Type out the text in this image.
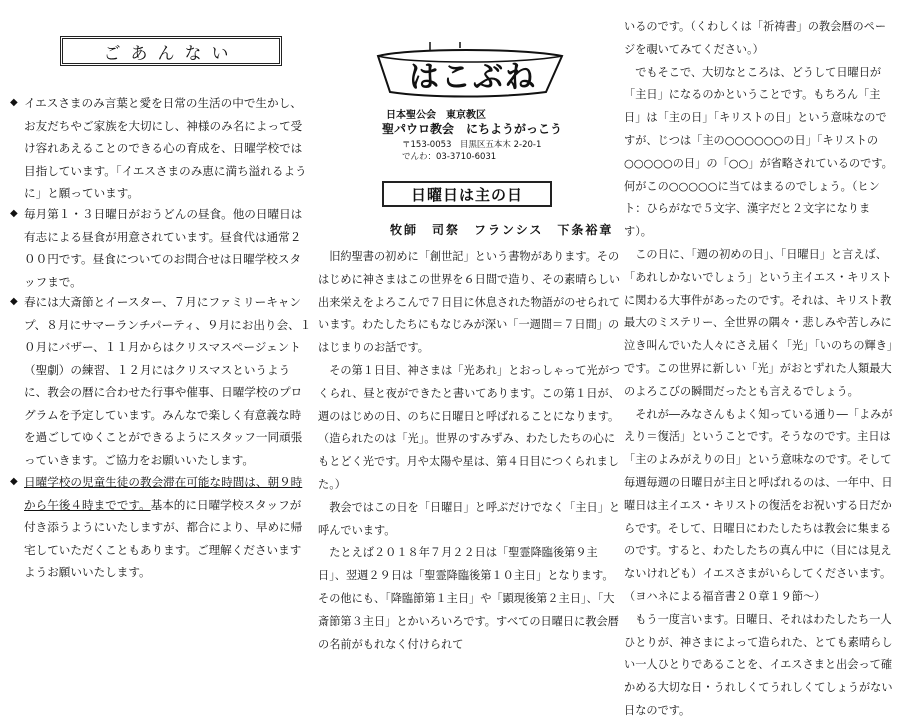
ごあんない
◆ イエスさまのみ言葉と愛を日常の生活の中で生かし、お友だちやご家族を大切にし、神様のみ名によって受け容れあえることのできる心の育成を、日曜学校では目指しています。「イエスさまのみ恵に満ち溢れるように」と願っています。

◆ 毎月第１・３日曜日がおうどんの昼食。他の日曜日は有志による昼食が用意されています。昼食代は通常２００円です。昼食についてのお問合せは日曜学校スタッフまで。

◆ 春には大斎節とイースター、７月にファミリーキャンプ、８月にサマーランチパーティ、９月にお出り会、１０月にバザー、１１月からはクリスマスページェント（聖劇）の練習、１２月にはクリスマスというように、教会の暦に合わせた行事や催事、日曜学校のプログラムを予定しています。みんなで楽しく有意義な時を過ごしてゆくことができるようにスタッフ一同頑張っていきます。ご協力をお願いいたします。

◆ 日曜学校の児童生徒の教会滞在可能な時間は、朝９時から午後４時までです。基本的に日曜学校スタッフが付き添うようにいたしますが、都合により、早めに帰宅していただくこともあります。ご理解くださいますようお願いいたします。

はこぶね
日本聖公会　東京教区
聖パウロ教会　にちようがっこう
〒153-0053　目黒区五本木 2-20-1
でんわ：03-3710-6031
日曜日は主の日
牧師　司祭　フランシス　下条裕章

旧約聖書の初めに「創世記」という書物があります。そのはじめに神さまはこの世界を６日間で造り、その素晴らしい出来栄えをよろこんで７日目に休息された物語がのせられています。わたしたちにもなじみが深い「一週間＝７日間」のはじまりのお話です。

その第１日目、神さまは「光あれ」とおっしゃって光がつくられ、昼と夜ができたと書いてあります。この第１日が、週のはじめの日、のちに日曜日と呼ばれることになります。（造られたのは「光」。世界のすみずみ、わたしたちの心にもとどく光です。月や太陽や星は、第４日目につくられました。）

教会ではこの日を「日曜日」と呼ぶだけでなく「主日」と呼んでいます。

たとえば２０１８年７月２２日は「聖霊降臨後第９主日」、翌週２９日は「聖霊降臨後第１０主日」となります。その他にも、「降臨節第１主日」や「顕現後第２主日」、「大斎節第３主日」とかいろいろです。すべての日曜日に教会暦の名前がもれなく付けられて

いるのです。（くわしくは「祈祷書」の教会暦のページを覗いてみてください。）

でもそこで、大切なところは、どうして日曜日が「主日」になるのかということです。もちろん「主日」は「主の日」「キリストの日」という意味なのですが、じつは「主の○○○○○○の日」「キリストの○○○○○の日」の「○○」が省略されているのです。何がこの○○○○○に当てはまるのでしょう。（ヒント：ひらがなで５文字、漢字だと２文字になります）。

この日に、「週の初めの日」、「日曜日」と言えば、「あれしかないでしょう」という主イエス・キリストに関わる大事件があったのです。それは、キリスト教最大のミステリー、全世界の隅々・悲しみや苦しみに泣き叫んでいた人々にさえ届く「光」「いのちの輝き」です。この世界に新しい「光」がおとずれた人類最大のよろこびの瞬間だったとも言えるでしょう。

それが―みなさんもよく知っている通り―「よみがえり＝復活」ということです。そうなのです。主日は「主のよみがえりの日」という意味なのです。そして毎週毎週の日曜日が主日と呼ばれるのは、一年中、日曜日は主イエス・キリストの復活をお祝いする日だからです。そして、日曜日にわたしたちは教会に集まるのです。すると、わたしたちの真ん中に（目には見えないけれども）イエスさまがいらしてくださいます。（ヨハネによる福音書２０章１９節～）

もう一度言います。日曜日、それはわたしたち一人ひとりが、神さまによって造られた、とても素晴らしい一人ひとりであることを、イエスさまと出会って確かめる大切な日・うれしくてうれしくてしょうがない日なのです。
